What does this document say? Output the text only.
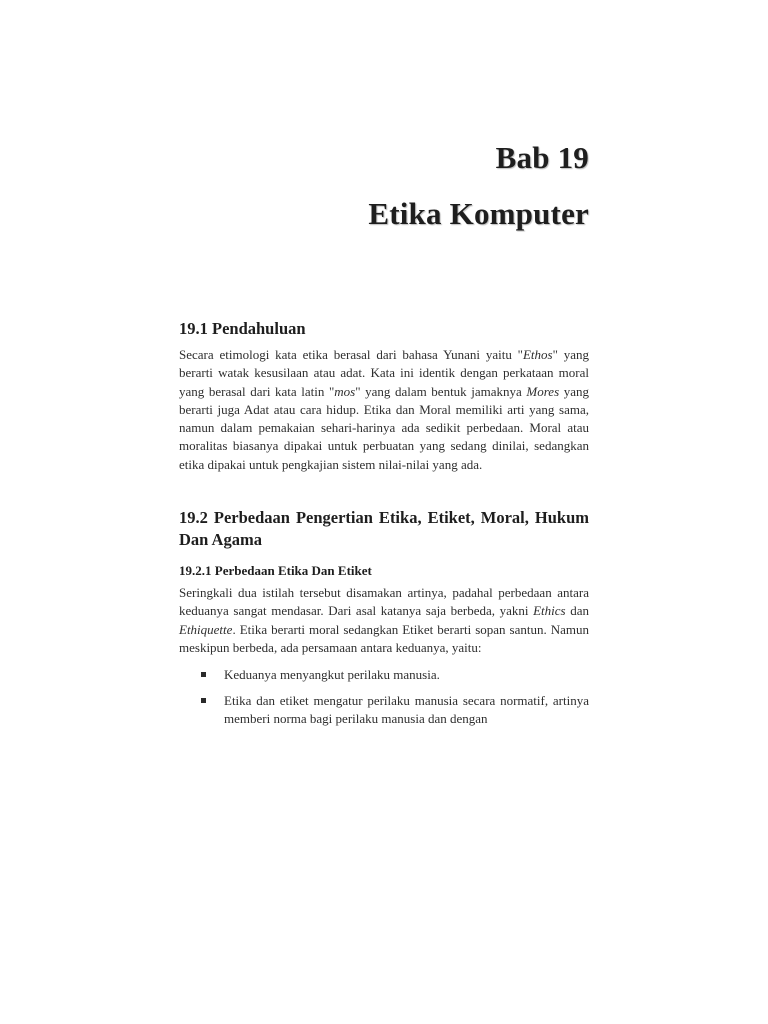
Bab 19
Etika Komputer
19.1 Pendahuluan

Secara etimologi kata etika berasal dari bahasa Yunani yaitu "Ethos" yang berarti watak kesusilaan atau adat. Kata ini identik dengan perkataan moral yang berasal dari kata latin "mos" yang dalam bentuk jamaknya Mores yang berarti juga Adat atau cara hidup. Etika dan Moral memiliki arti yang sama, namun dalam pemakaian sehari-harinya ada sedikit perbedaan. Moral atau moralitas biasanya dipakai untuk perbuatan yang sedang dinilai, sedangkan etika dipakai untuk pengkajian sistem nilai-nilai yang ada.

19.2 Perbedaan Pengertian Etika, Etiket, Moral, Hukum Dan Agama
19.2.1 Perbedaan Etika Dan Etiket

Seringkali dua istilah tersebut disamakan artinya, padahal perbedaan antara keduanya sangat mendasar. Dari asal katanya saja berbeda, yakni Ethics dan Ethiquette. Etika berarti moral sedangkan Etiket berarti sopan santun. Namun meskipun berbeda, ada persamaan antara keduanya, yaitu:

Keduanya menyangkut perilaku manusia.
Etika dan etiket mengatur perilaku manusia secara normatif, artinya memberi norma bagi perilaku manusia dan dengan
